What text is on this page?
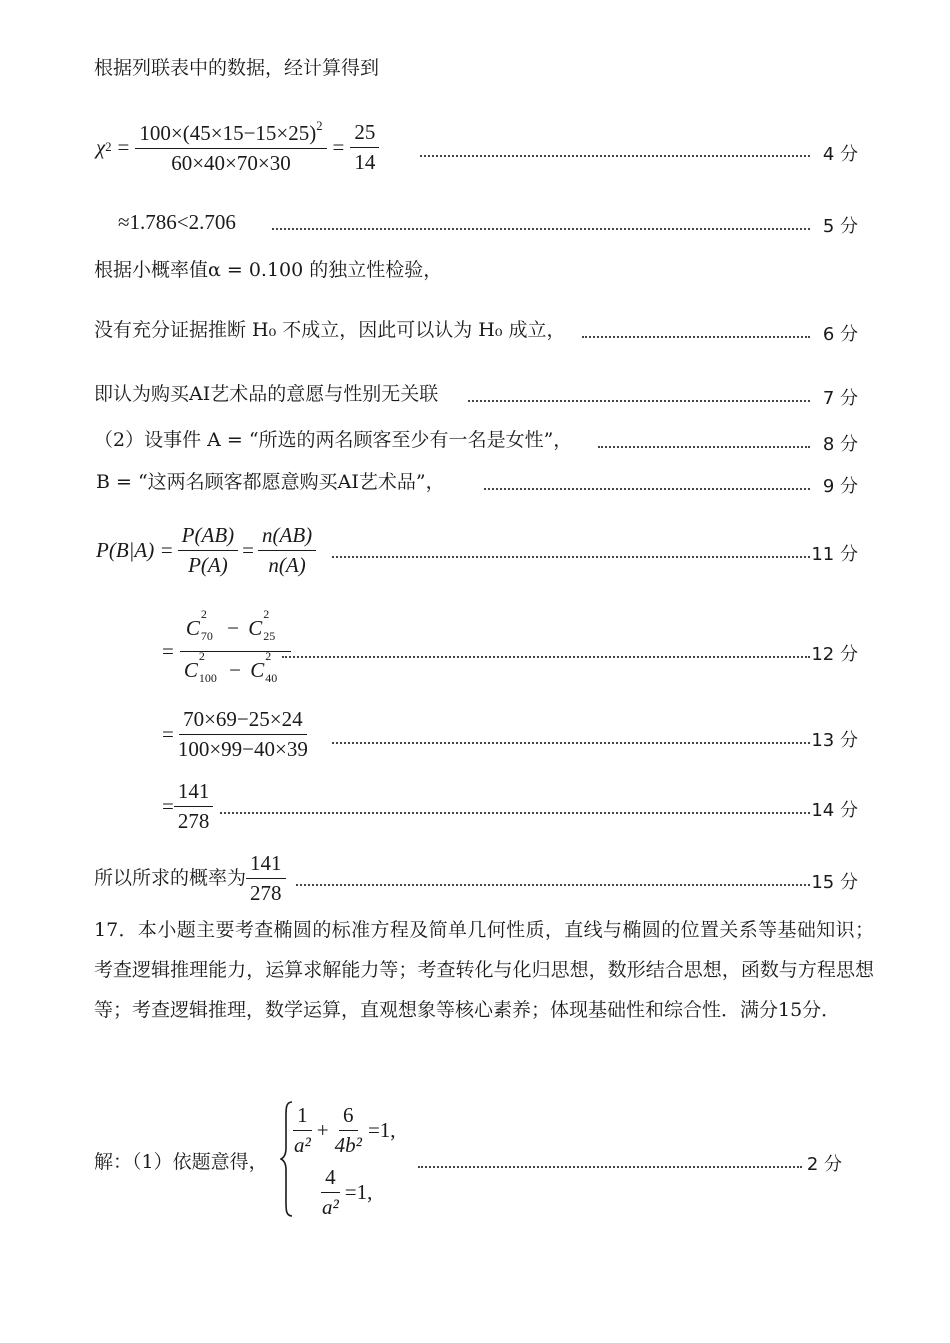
根据列联表中的数据，经计算得到
χ $2 = \frac{100\times(45\times 15-15\times 25)^2}{60\times 40\times 70\times 30} = \frac{25}{14}$	4 分
≈1.786<2.706	5 分
根据小概率值α = 0.100 的独立性检验，
没有充分证据推断 H₀ 不成立，因此可以认为 H₀ 成立，	6 分
即认为购买AI艺术品的意愿与性别无关联	7 分
（2）设事件 A = “所选的两名顾客至少有一名是女性”，	8 分
B = “这两名顾客都愿意购买AI艺术品”，	9 分
$P(B|A) = \frac{P(AB)}{P(A)} = \frac{n(AB)}{n(A)}$	11 分
= C
2
70 − C
2
25

C
2
100 − C
2
40
	12 分
= $\frac{70\times 69-25\times 24}{100\times 99-40\times 39}$	13 分
= $\frac{141}{278}$	14 分
所以所求的概率为 $\frac{141}{278}$	15 分
17．本小题主要考查椭圆的标准方程及简单几何性质，直线与椭圆的位置关系等基础知识；考查逻辑推理能力，运算求解能力等；考查转化与化归思想，数形结合思想，函数与方程思想等；考查逻辑推理，数学运算，直观想象等核心素养；体现基础性和综合性．满分15分．
解：（1）依题意得，
$\frac{1}{\text{a²}} + \frac{6}{\text{4b²}} =1$,
$\frac{4}{\text{a²}} =1$,
2 分
